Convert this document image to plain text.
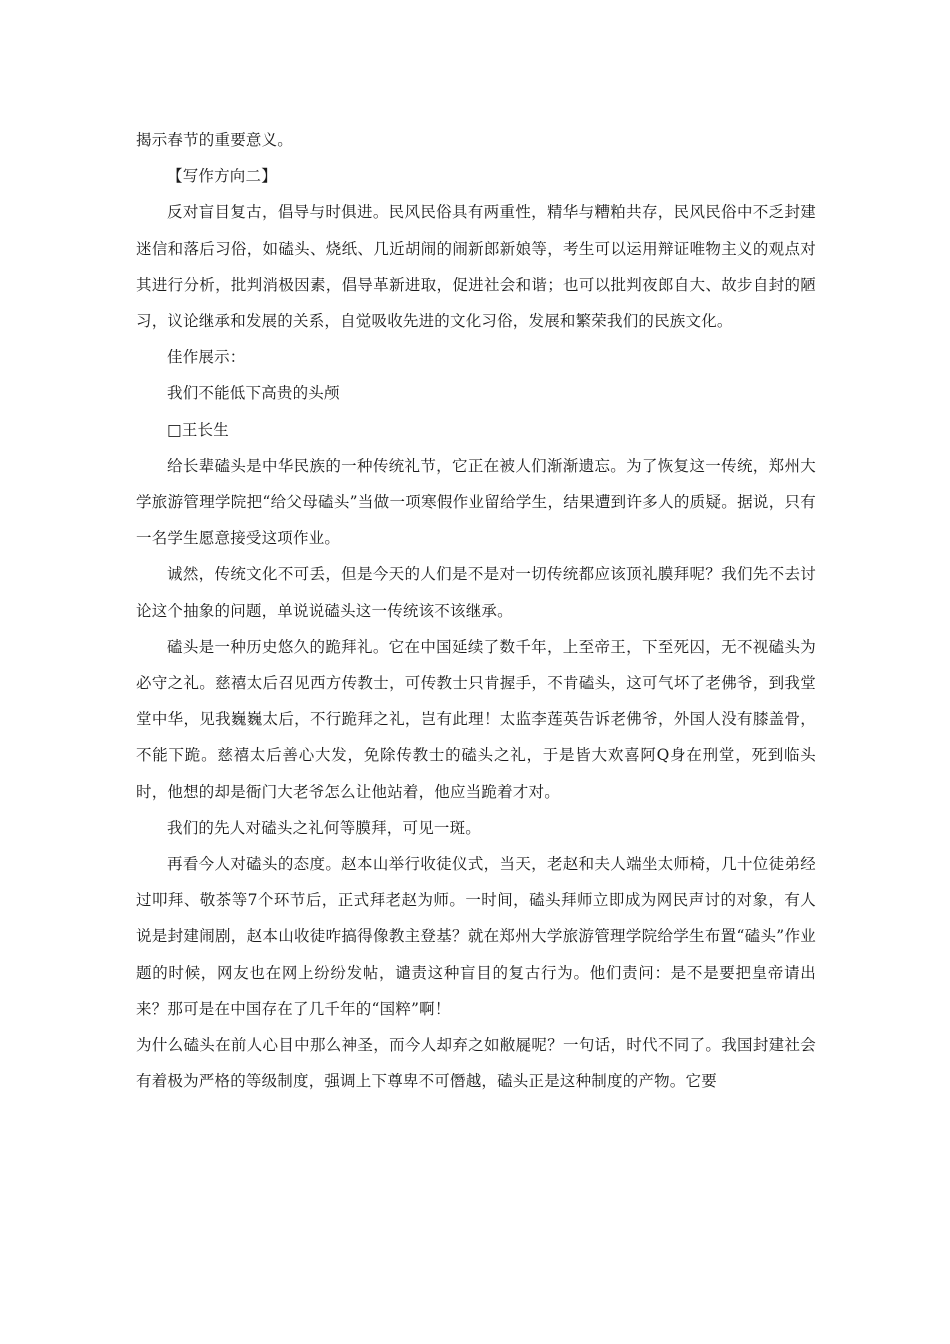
揭示春节的重要意义。

【写作方向二】

反对盲目复古，倡导与时俱进。民风民俗具有两重性，精华与糟粕共存，民风民俗中不乏封建迷信和落后习俗，如磕头、烧纸、几近胡闹的闹新郎新娘等，考生可以运用辩证唯物主义的观点对其进行分析，批判消极因素，倡导革新进取，促进社会和谐；也可以批判夜郎自大、故步自封的陋习，议论继承和发展的关系，自觉吸收先进的文化习俗，发展和繁荣我们的民族文化。

佳作展示：

我们不能低下高贵的头颅

□王长生

给长辈磕头是中华民族的一种传统礼节，它正在被人们渐渐遗忘。为了恢复这一传统，郑州大学旅游管理学院把“给父母磕头”当做一项寒假作业留给学生，结果遭到许多人的质疑。据说，只有一名学生愿意接受这项作业。

诚然，传统文化不可丢，但是今天的人们是不是对一切传统都应该顶礼膜拜呢？我们先不去讨论这个抽象的问题，单说说磕头这一传统该不该继承。

磕头是一种历史悠久的跪拜礼。它在中国延续了数千年，上至帝王，下至死囚，无不视磕头为必守之礼。慈禧太后召见西方传教士，可传教士只肯握手，不肯磕头，这可气坏了老佛爷，到我堂堂中华，见我巍巍太后，不行跪拜之礼，岂有此理！太监李莲英告诉老佛爷，外国人没有膝盖骨，不能下跪。慈禧太后善心大发，免除传教士的磕头之礼，于是皆大欢喜阿Q身在刑堂，死到临头时，他想的却是衙门大老爷怎么让他站着，他应当跪着才对。

我们的先人对磕头之礼何等膜拜，可见一斑。

再看今人对磕头的态度。赵本山举行收徒仪式，当天，老赵和夫人端坐太师椅，几十位徒弟经过叩拜、敬茶等7个环节后，正式拜老赵为师。一时间，磕头拜师立即成为网民声讨的对象，有人说是封建闹剧，赵本山收徒咋搞得像教主登基？就在郑州大学旅游管理学院给学生布置“磕头”作业题的时候，网友也在网上纷纷发帖，谴责这种盲目的复古行为。他们责问：是不是要把皇帝请出来？那可是在中国存在了几千年的“国粹”啊！

为什么磕头在前人心目中那么神圣，而今人却弃之如敝屣呢？一句话，时代不同了。我国封建社会有着极为严格的等级制度，强调上下尊卑不可僭越，磕头正是这种制度的产物。它要
